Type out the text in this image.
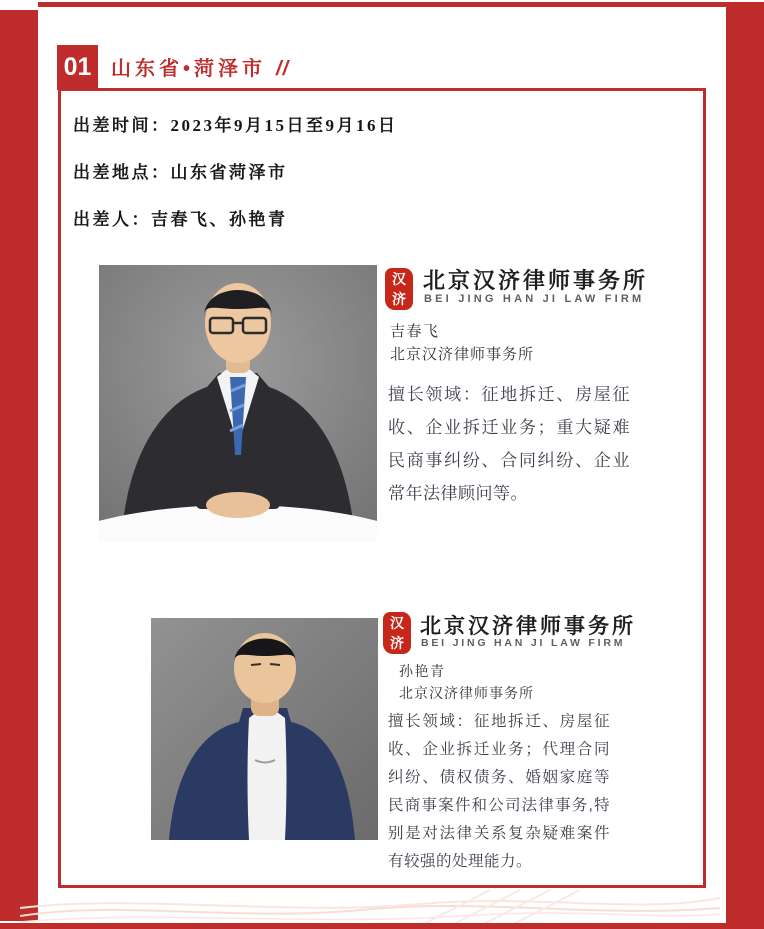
01 山东省•菏泽市 //

出差时间：2023年9月15日至9月16日

出差地点：山东省菏泽市

出差人：吉春飞、孙艳青

汉
济
北京汉济律师事务所
BEI JING HAN JI LAW FIRM
吉春飞
北京汉济律师事务所
擅长领域：征地拆迁、房屋征收、企业拆迁业务；重大疑难民商事纠纷、合同纠纷、企业常年法律顾问等。
汉
济
北京汉济律师事务所
BEI JING HAN JI LAW FIRM
孙艳青
北京汉济律师事务所
擅长领域：征地拆迁、房屋征收、企业拆迁业务；代理合同纠纷、债权债务、婚姻家庭等民商事案件和公司法律事务,特别是对法律关系复杂疑难案件有较强的处理能力。
